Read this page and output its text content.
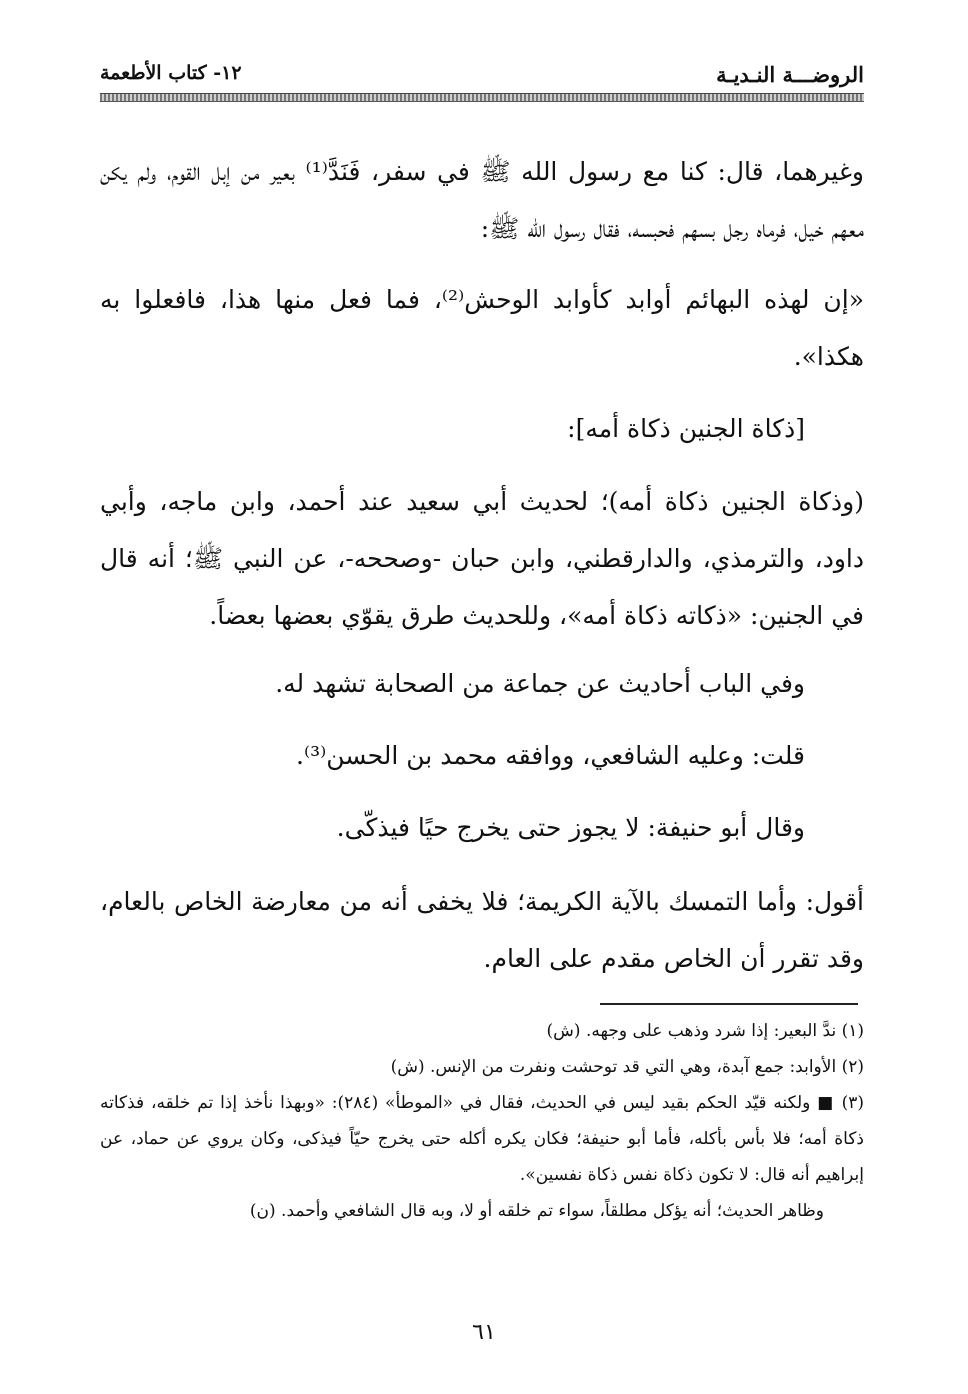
الروضـــة النـديـة
١٢- كتاب الأطعمة

وغيرهما، قال: كنا مع رسول الله ﷺ في سفر، فَنَدَّ⁽¹⁾ بعير من إبل القوم، ولم يكن معهم خيل، فرماه رجل بسهم فحبسه، فقال رسول الله ﷺ:

«إن لهذه البهائم أوابد كأوابد الوحش⁽²⁾، فما فعل منها هذا، فافعلوا به هكذا».

[ذكاة الجنين ذكاة أمه]:

(وذكاة الجنين ذكاة أمه)؛ لحديث أبي سعيد عند أحمد، وابن ماجه، وأبي داود، والترمذي، والدارقطني، وابن حبان -وصححه-، عن النبي ﷺ؛ أنه قال في الجنين: «ذكاته ذكاة أمه»، وللحديث طرق يقوّي بعضها بعضاً.

وفي الباب أحاديث عن جماعة من الصحابة تشهد له.

قلت: وعليه الشافعي، ووافقه محمد بن الحسن⁽³⁾.

وقال أبو حنيفة: لا يجوز حتى يخرج حيًا فيذكّى.

أقول: وأما التمسك بالآية الكريمة؛ فلا يخفى أنه من معارضة الخاص بالعام، وقد تقرر أن الخاص مقدم على العام.

(١) ندَّ البعير: إذا شرد وذهب على وجهه. (ش)

(٢) الأوابد: جمع آبدة، وهي التي قد توحشت ونفرت من الإنس. (ش)

(٣) ■ ولكنه قيّد الحكم بقيد ليس في الحديث، فقال في «الموطأ» (٢٨٤): «وبهذا نأخذ إذا تم خلقه، فذكاته ذكاة أمه؛ فلا بأس بأكله، فأما أبو حنيفة؛ فكان يكره أكله حتى يخرج حيّاً فيذكى، وكان يروي عن حماد، عن إبراهيم أنه قال: لا تكون ذكاة نفس ذكاة نفسين».

وظاهر الحديث؛ أنه يؤكل مطلقاً، سواء تم خلقه أو لا، وبه قال الشافعي وأحمد. (ن)

٦١
